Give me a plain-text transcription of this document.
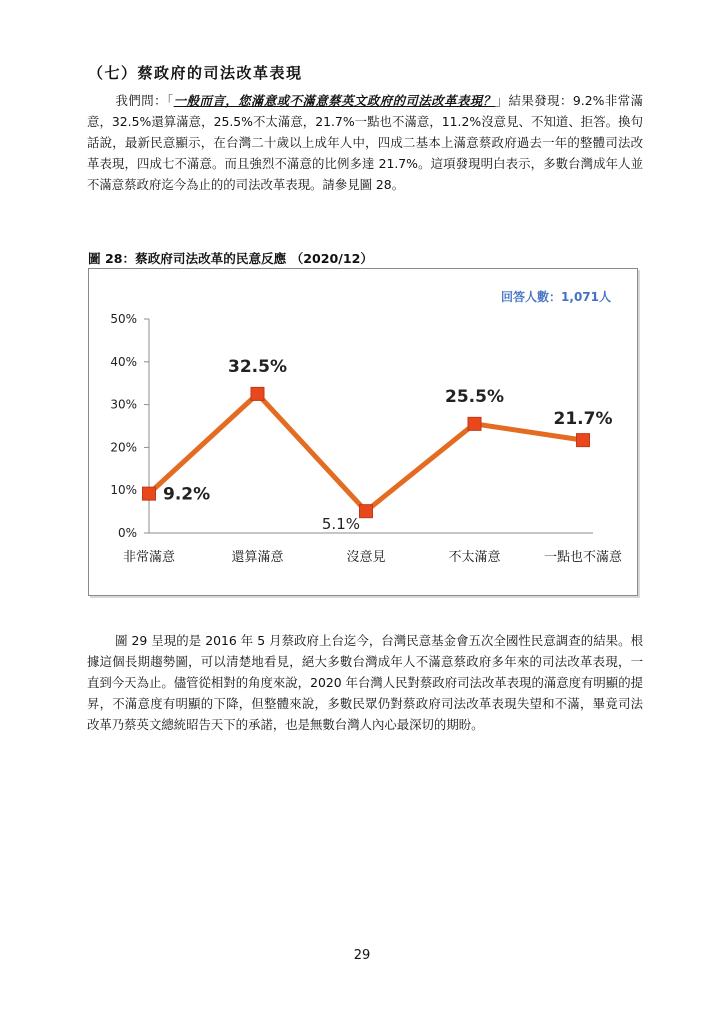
（七）蔡政府的司法改革表現
我們問：「一般而言，您滿意或不滿意蔡英文政府的司法改革表現？」結果發現：9.2%非常滿意，32.5%還算滿意，25.5%不太滿意，21.7%一點也不滿意，11.2%沒意見、不知道、拒答。換句話說，最新民意顯示，在台灣二十歲以上成年人中，四成二基本上滿意蔡政府過去一年的整體司法改革表現，四成七不滿意。而且強烈不滿意的比例多達 21.7%。這項發現明白表示，多數台灣成年人並不滿意蔡政府迄今為止的的司法改革表現。請參見圖 28。
圖 28：蔡政府司法改革的民意反應 （2020/12）
回答人數：1,071人
0%
10%
20%
30%
40%
50%
非常滿意	還算滿意	沒意見	不太滿意	一點也不滿意
9.2%
32.5%
5.1%
25.5%
21.7%
圖 29 呈現的是 2016 年 5 月蔡政府上台迄今，台灣民意基金會五次全國性民意調查的結果。根據這個長期趨勢圖，可以清楚地看見，絕大多數台灣成年人不滿意蔡政府多年來的司法改革表現，一直到今天為止。儘管從相對的角度來說，2020 年台灣人民對蔡政府司法改革表現的滿意度有明顯的提昇，不滿意度有明顯的下降，但整體來說，多數民眾仍對蔡政府司法改革表現失望和不滿，畢竟司法改革乃蔡英文總統昭告天下的承諾，也是無數台灣人內心最深切的期盼。
29
